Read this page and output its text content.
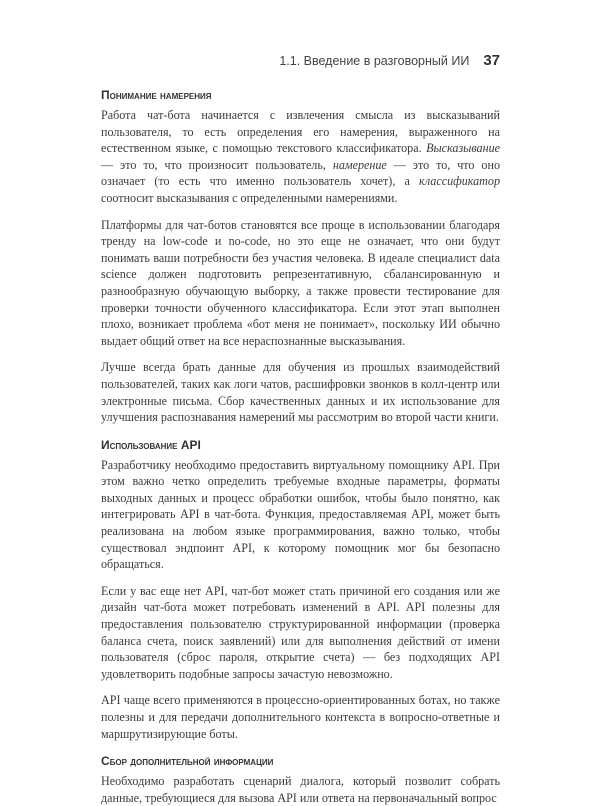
1.1. Введение в разговорный ИИ 37
Понимание намерения

Работа чат-бота начинается с извлечения смысла из высказываний пользователя, то есть определения его намерения, выраженного на естественном языке, с помощью текстового классификатора. Высказывание — это то, что произносит пользователь, намерение — это то, что оно означает (то есть что именно пользователь хочет), а классификатор соотносит высказывания с определенными намерениями.

Платформы для чат-ботов становятся все проще в использовании благодаря тренду на low-code и no-code, но это еще не означает, что они будут понимать ваши потребности без участия человека. В идеале специалист data science должен подготовить репрезентативную, сбалансированную и разнообразную обучающую выборку, а также провести тестирование для проверки точности обученного классификатора. Если этот этап выполнен плохо, возникает проблема «бот меня не понимает», поскольку ИИ обычно выдает общий ответ на все нераспознанные высказывания.

Лучше всегда брать данные для обучения из прошлых взаимодействий пользователей, таких как логи чатов, расшифровки звонков в колл-центр или электронные письма. Сбор качественных данных и их использование для улучшения распознавания намерений мы рассмотрим во второй части книги.

Использование API

Разработчику необходимо предоставить виртуальному помощнику API. При этом важно четко определить требуемые входные параметры, форматы выходных данных и процесс обработки ошибок, чтобы было понятно, как интегрировать API в чат-бота. Функция, предоставляемая API, может быть реализована на любом языке программирования, важно только, чтобы существовал эндпоинт API, к которому помощник мог бы безопасно обращаться.

Если у вас еще нет API, чат-бот может стать причиной его создания или же дизайн чат-бота может потребовать изменений в API. API полезны для предоставления пользователю структурированной информации (проверка баланса счета, поиск заявлений) или для выполнения действий от имени пользователя (сброс пароля, открытие счета) — без подходящих API удовлетворить подобные запросы зачастую невозможно.

API чаще всего применяются в процессно-ориентированных ботах, но также полезны и для передачи дополнительного контекста в вопросно-ответные и маршрутизирующие боты.

Сбор дополнительной информации

Необходимо разработать сценарий диалога, который позволит собрать данные, требующиеся для вызова API или ответа на первоначальный вопрос
